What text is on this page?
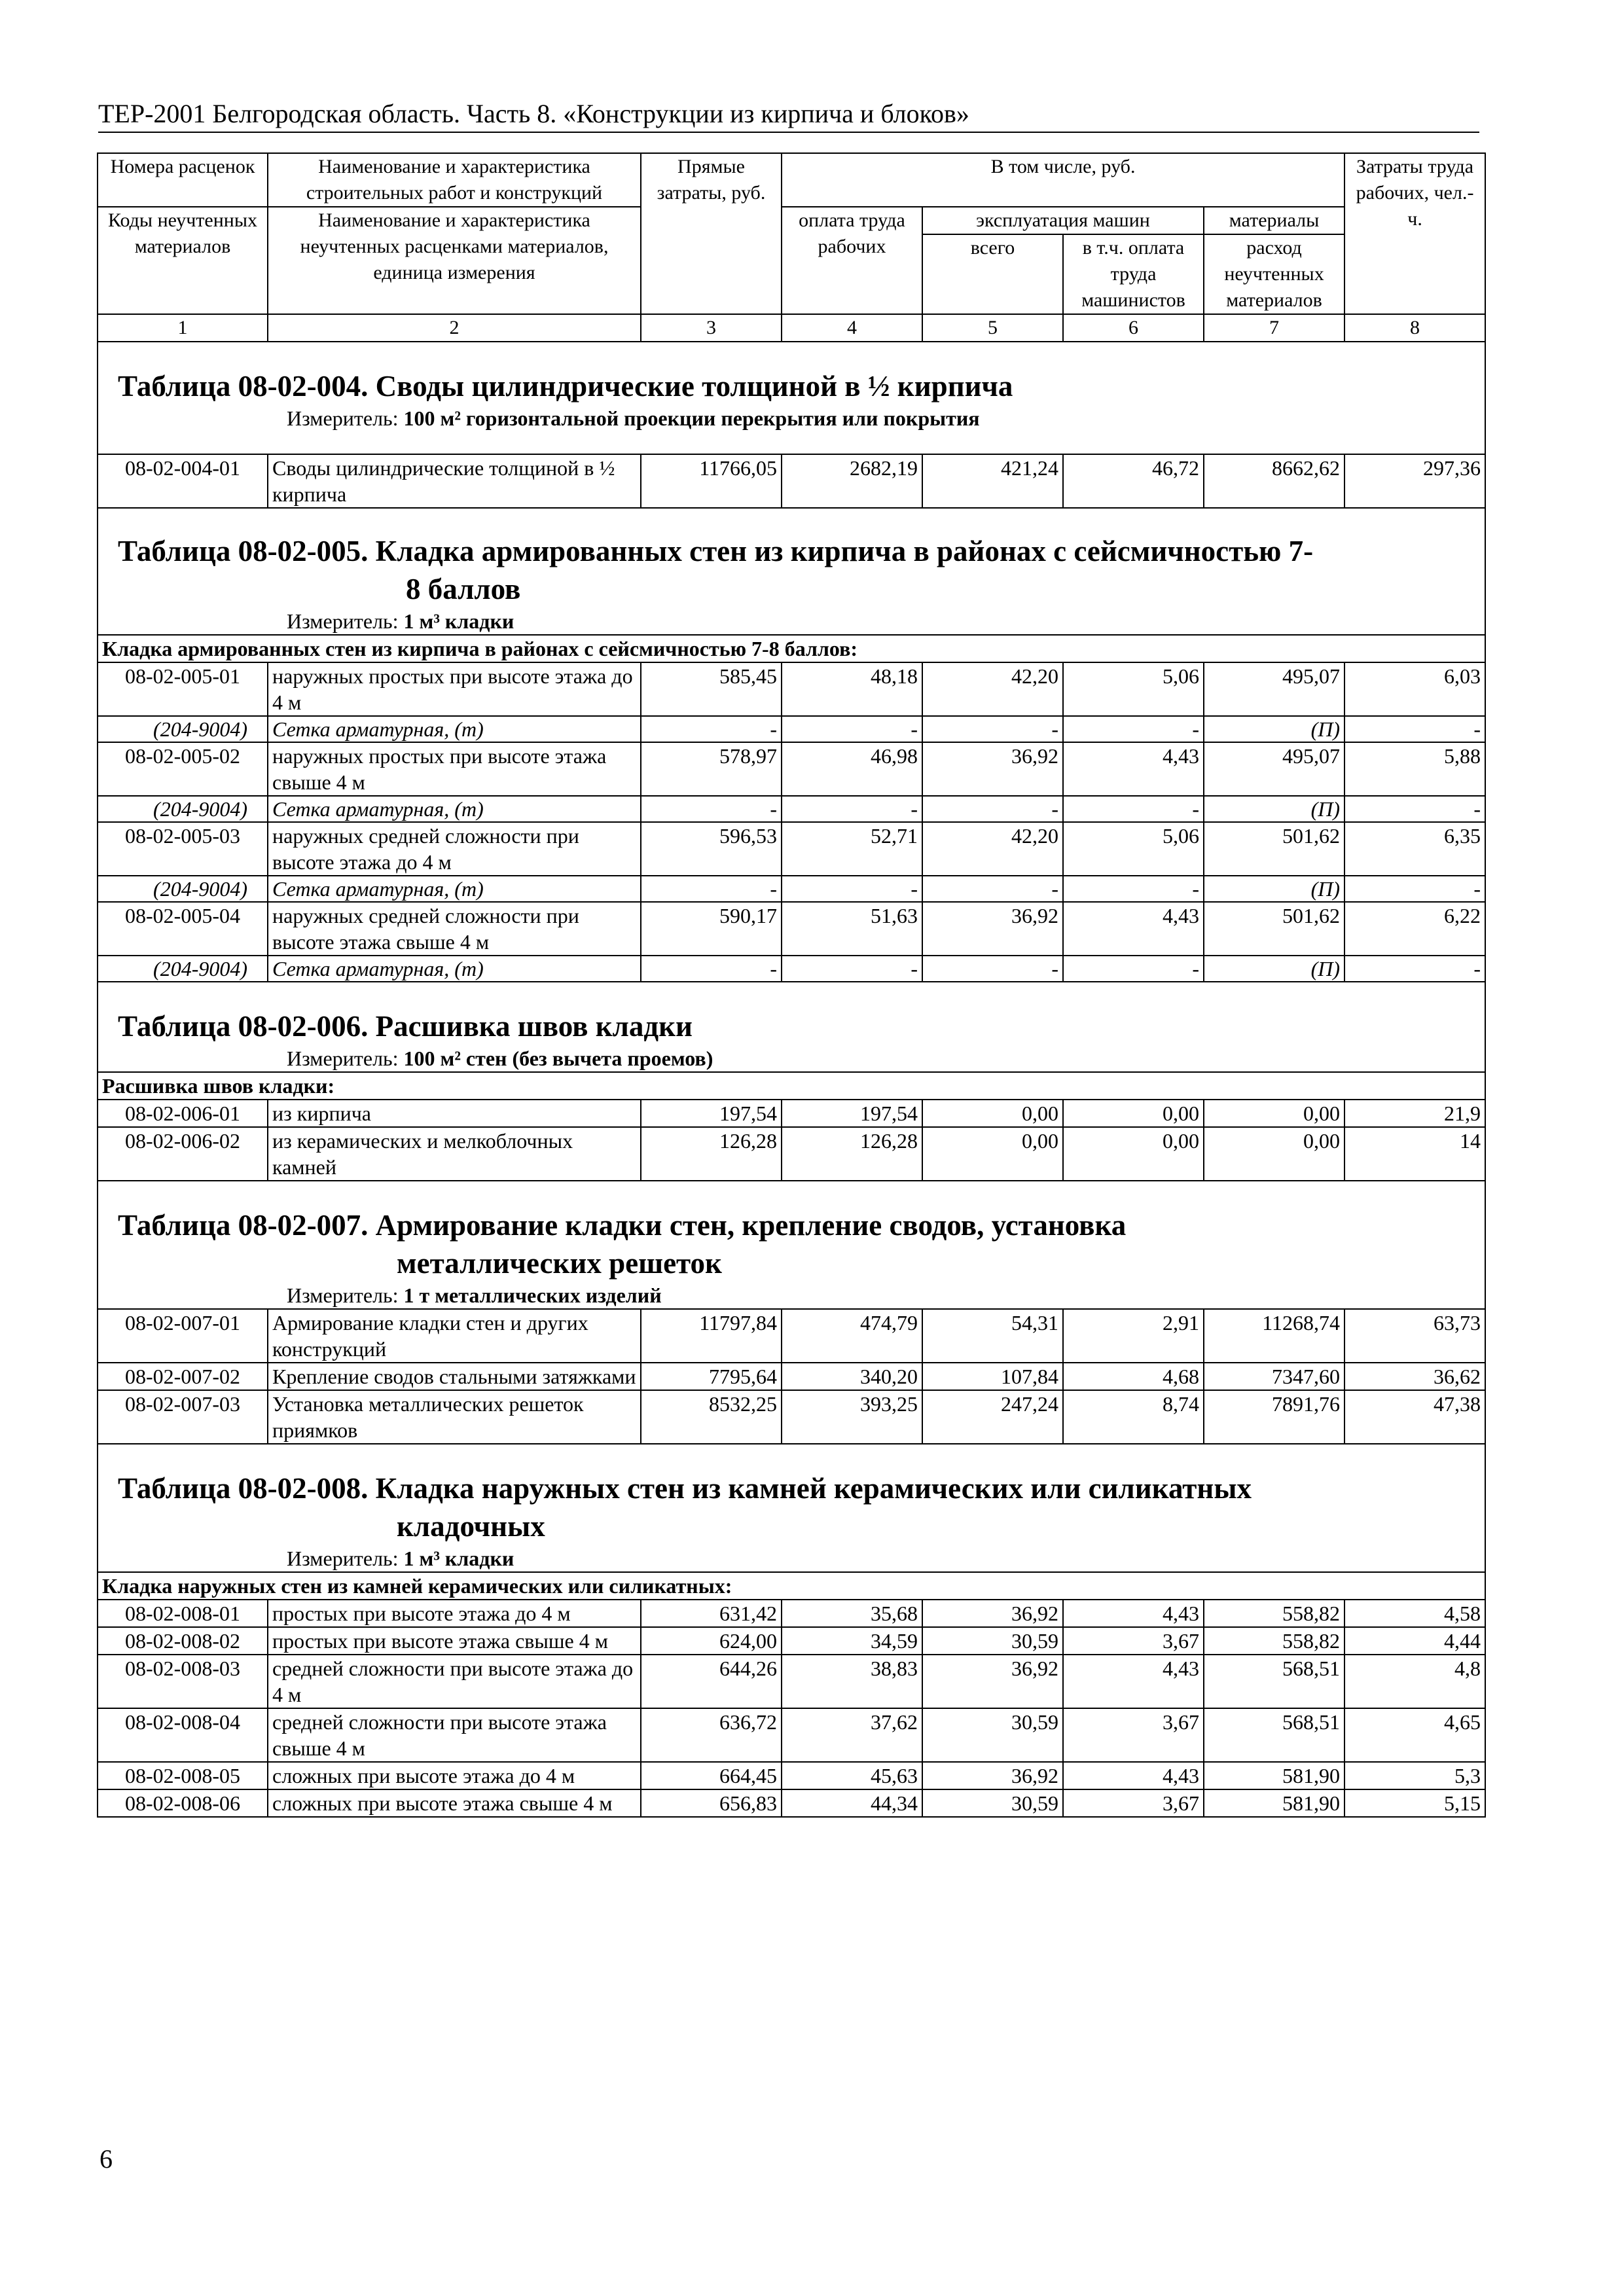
ТЕР-2001 Белгородская область. Часть 8. «Конструкции из кирпича и блоков»
Номера расценок	Наименование и характеристика строительных работ и конструкций	Прямые затраты, руб.	В том числе, руб.				Затраты труда рабочих, чел.-ч.
Коды неучтенных материалов	Наименование и характеристика неучтенных расценками материалов, единица измерения		оплата труда рабочих	эксплуатация машин		материалы	
				всего	в т.ч. оплата труда машинистов	расход неучтенных материалов	
1	2	3	4	5	6	7	8

Таблица 08-02-004. Своды цилиндрические толщиной в ½ кирпича
Измеритель: 100 м² горизонтальной проекции перекрытия или покрытия							

08-02-004-01	Своды цилиндрические толщиной в ½ кирпича	11766,05	2682,19	421,24	46,72	8662,62	297,36

Таблица 08-02-005. Кладка армированных стен из кирпича в районах с сейсмичностью 7-
8 баллов
Измеритель: 1 м³ кладки							

Кладка армированных стен из кирпича в районах с сейсмичностью 7-8 баллов:							
08-02-005-01	наружных простых при высоте этажа до 4 м	585,45	48,18	42,20	5,06	495,07	6,03
(204-9004)	Сетка арматурная, (т)	-	-	-	-	(П)	-
08-02-005-02	наружных простых при высоте этажа свыше 4 м	578,97	46,98	36,92	4,43	495,07	5,88
(204-9004)	Сетка арматурная, (т)	-	-	-	-	(П)	-
08-02-005-03	наружных средней сложности при высоте этажа до 4 м	596,53	52,71	42,20	5,06	501,62	6,35
(204-9004)	Сетка арматурная, (т)	-	-	-	-	(П)	-
08-02-005-04	наружных средней сложности при высоте этажа свыше 4 м	590,17	51,63	36,92	4,43	501,62	6,22
(204-9004)	Сетка арматурная, (т)	-	-	-	-	(П)	-

Таблица 08-02-006. Расшивка швов кладки
Измеритель: 100 м² стен (без вычета проемов)							

Расшивка швов кладки:							
08-02-006-01	из кирпича	197,54	197,54	0,00	0,00	0,00	21,9
08-02-006-02	из керамических и мелкоблочных камней	126,28	126,28	0,00	0,00	0,00	14

Таблица 08-02-007. Армирование кладки стен, крепление сводов, установка
металлических решеток
Измеритель: 1 т металлических изделий							

08-02-007-01	Армирование кладки стен и других конструкций	11797,84	474,79	54,31	2,91	11268,74	63,73
08-02-007-02	Крепление сводов стальными затяжками	7795,64	340,20	107,84	4,68	7347,60	36,62
08-02-007-03	Установка металлических решеток приямков	8532,25	393,25	247,24	8,74	7891,76	47,38

Таблица 08-02-008. Кладка наружных стен из камней керамических или силикатных
кладочных
Измеритель: 1 м³ кладки							

Кладка наружных стен из камней керамических или силикатных:							
08-02-008-01	простых при высоте этажа до 4 м	631,42	35,68	36,92	4,43	558,82	4,58
08-02-008-02	простых при высоте этажа свыше 4 м	624,00	34,59	30,59	3,67	558,82	4,44
08-02-008-03	средней сложности при высоте этажа до 4 м	644,26	38,83	36,92	4,43	568,51	4,8
08-02-008-04	средней сложности при высоте этажа свыше 4 м	636,72	37,62	30,59	3,67	568,51	4,65
08-02-008-05	сложных при высоте этажа до 4 м	664,45	45,63	36,92	4,43	581,90	5,3
08-02-008-06	сложных при высоте этажа свыше 4 м	656,83	44,34	30,59	3,67	581,90	5,15
6
